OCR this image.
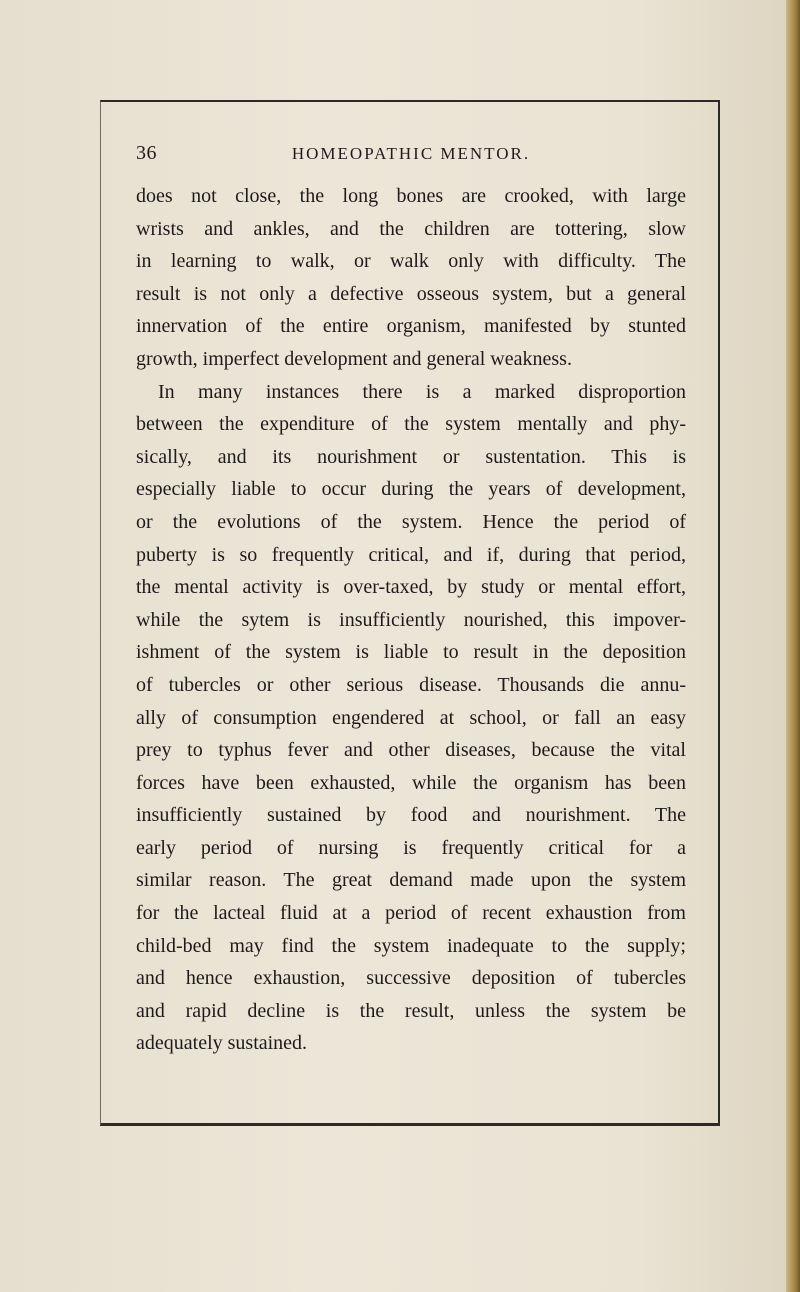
36	HOMEOPATHIC MENTOR.
does not close, the long bones are crooked, with large
wrists and ankles, and the children are tottering, slow
in learning to walk, or walk only with difficulty. The
result is not only a defective osseous system, but a general
innervation of the entire organism, manifested by stunted
growth, imperfect development and general weakness.
In many instances there is a marked disproportion
between the expenditure of the system mentally and phy-
sically, and its nourishment or sustentation. This is
especially liable to occur during the years of development,
or the evolutions of the system. Hence the period of
puberty is so frequently critical, and if, during that period,
the mental activity is over-taxed, by study or mental effort,
while the sytem is insufficiently nourished, this impover-
ishment of the system is liable to result in the deposition
of tubercles or other serious disease. Thousands die annu-
ally of consumption engendered at school, or fall an easy
prey to typhus fever and other diseases, because the vital
forces have been exhausted, while the organism has been
insufficiently sustained by food and nourishment. The
early period of nursing is frequently critical for a
similar reason. The great demand made upon the system
for the lacteal fluid at a period of recent exhaustion from
child-bed may find the system inadequate to the supply;
and hence exhaustion, successive deposition of tubercles
and rapid decline is the result, unless the system be
adequately sustained.
